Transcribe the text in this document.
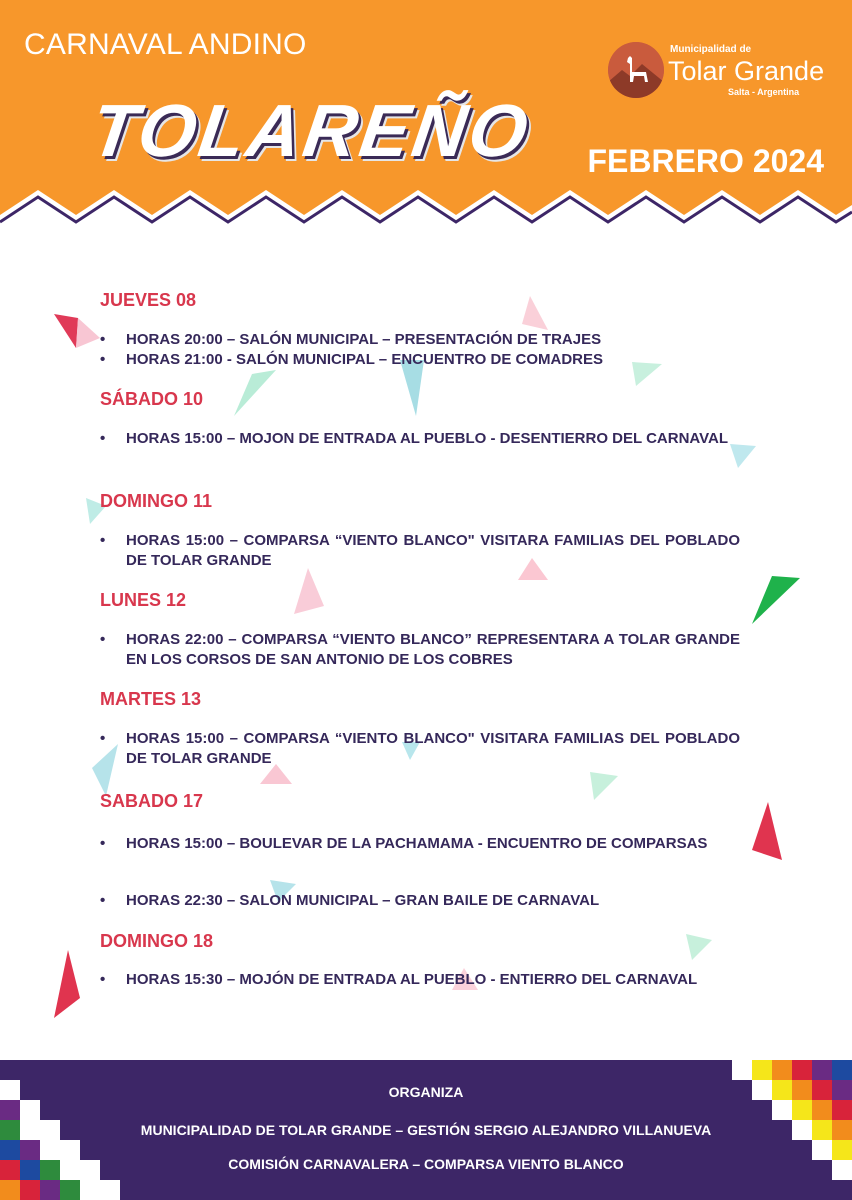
CARNAVAL ANDINO
TOLAREÑO FEBRERO 2024
Municipalidad de
Tolar Grande
Salta - Argentina
JUEVES 08
• HORAS 20:00 – SALÓN MUNICIPAL – PRESENTACIÓN DE TRAJES
• HORAS 21:00 - SALÓN MUNICIPAL – ENCUENTRO DE COMADRES
SÁBADO 10
• HORAS 15:00 – MOJON DE ENTRADA AL PUEBLO - DESENTIERRO DEL CARNAVAL
DOMINGO 11
• HORAS 15:00 – COMPARSA “VIENTO BLANCO" VISITARA FAMILIAS DEL POBLADO DE TOLAR GRANDE
LUNES 12
• HORAS 22:00 – COMPARSA “VIENTO BLANCO” REPRESENTARA A TOLAR GRANDE EN LOS CORSOS DE SAN ANTONIO DE LOS COBRES
MARTES 13
• HORAS 15:00 – COMPARSA “VIENTO BLANCO" VISITARA FAMILIAS DEL POBLADO DE TOLAR GRANDE
SABADO 17
• HORAS 15:00 – BOULEVAR DE LA PACHAMAMA - ENCUENTRO DE COMPARSAS
• HORAS 22:30 – SALON MUNICIPAL – GRAN BAILE DE CARNAVAL
DOMINGO 18
• HORAS 15:30 – MOJÓN DE ENTRADA AL PUEBLO - ENTIERRO DEL CARNAVAL
ORGANIZA
MUNICIPALIDAD DE TOLAR GRANDE – GESTIÓN SERGIO ALEJANDRO VILLANUEVA
COMISIÓN CARNAVALERA – COMPARSA VIENTO BLANCO
